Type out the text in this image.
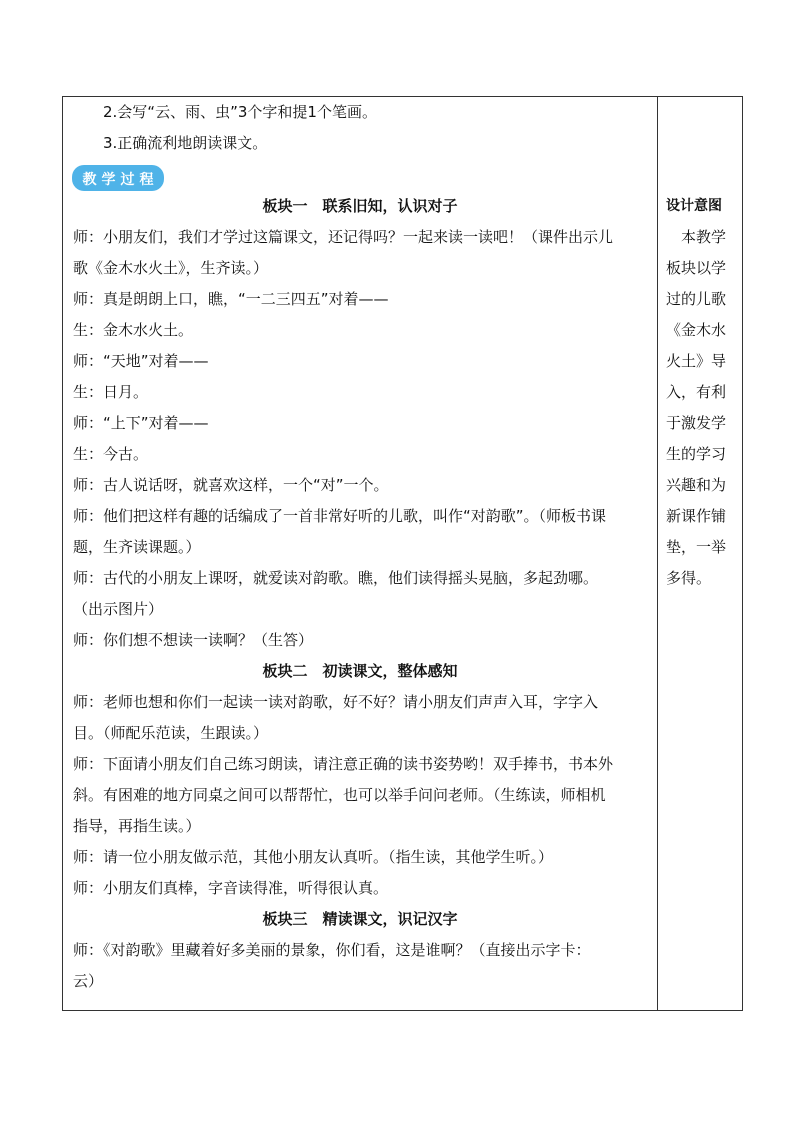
2.会写“云、雨、虫”3个字和提1个笔画。
3.正确流利地朗读课文。
教 学 过 程
板块一　联系旧知，认识对子
师：小朋友们，我们才学过这篇课文，还记得吗？一起来读一读吧！（课件出示儿
歌《金木水火土》，生齐读。）
师：真是朗朗上口，瞧，“一二三四五”对着——
生：金木水火土。
师：“天地”对着——
生：日月。
师：“上下”对着——
生：今古。
师：古人说话呀，就喜欢这样，一个“对”一个。
师：他们把这样有趣的话编成了一首非常好听的儿歌，叫作“对韵歌”。（师板书课
题，生齐读课题。）
师：古代的小朋友上课呀，就爱读对韵歌。瞧，他们读得摇头晃脑，多起劲哪。
（出示图片）
师：你们想不想读一读啊？（生答）
板块二　初读课文，整体感知
师：老师也想和你们一起读一读对韵歌，好不好？请小朋友们声声入耳，字字入
目。（师配乐范读，生跟读。）
师：下面请小朋友们自己练习朗读，请注意正确的读书姿势哟！双手捧书，书本外
斜。有困难的地方同桌之间可以帮帮忙，也可以举手问问老师。（生练读，师相机
指导，再指生读。）
师：请一位小朋友做示范，其他小朋友认真听。（指生读，其他学生听。）
师：小朋友们真棒，字音读得准，听得很认真。
板块三　精读课文，识记汉字
师：《对韵歌》里藏着好多美丽的景象，你们看，这是谁啊？（直接出示字卡：
云）
设计意图
　本教学
板块以学
过的儿歌
《金木水
火土》导
入，有利
于激发学
生的学习
兴趣和为
新课作铺
垫，一举
多得。
